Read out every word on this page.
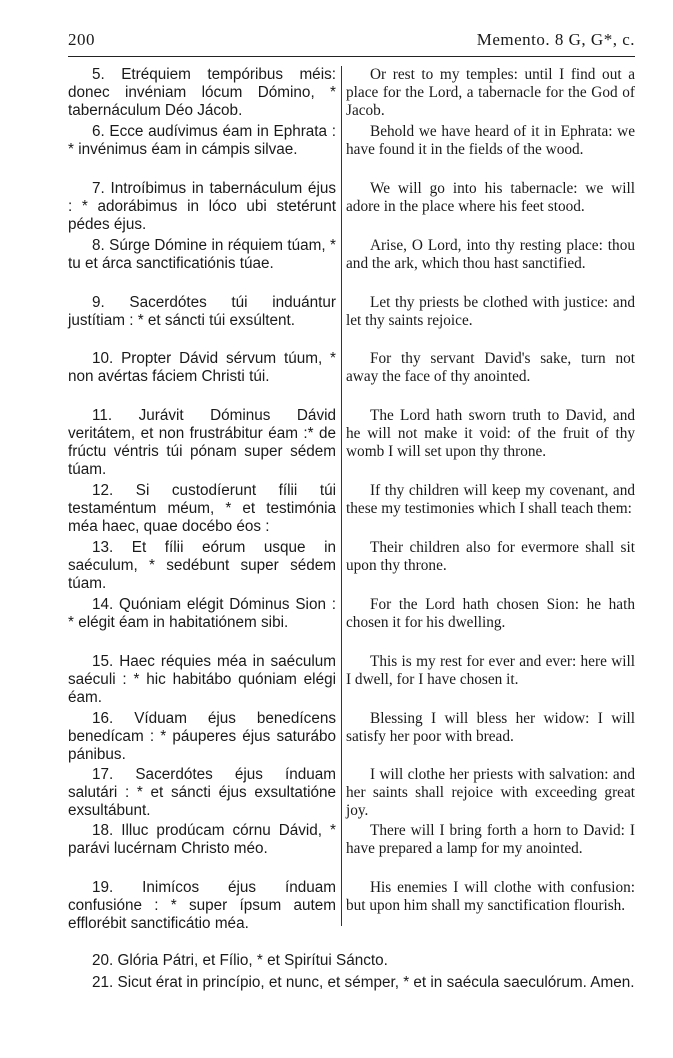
200	Memento. 8 G, G*, c.

5. Etréquiem tempóribus méis: donec invéniam lócum Dómino, * tabernáculum Déo Jácob.

6. Ecce audívimus éam in Ephrata : * invénimus éam in cámpis silvae.

7. Introíbimus in tabernáculum éjus : * adorábimus in lóco ubi stetérunt pédes éjus.

8. Súrge Dómine in réquiem túam, * tu et árca sanctificatiónis túae.

9. Sacerdótes túi induántur justítiam : * et sáncti túi exsúltent.

10. Propter Dávid sérvum túum, * non avértas fáciem Christi túi.

11. Jurávit Dóminus Dávid veritátem, et non frustrábitur éam :* de frúctu véntris túi pónam super sédem túam.

12. Si custodíerunt fílii túi testaméntum méum, * et testimónia méa haec, quae docébo éos :

13. Et fílii eórum usque in saéculum, * sedébunt super sédem túam.

14. Quóniam elégit Dóminus Sion : * elégit éam in habitatiónem sibi.

15. Haec réquies méa in saéculum saéculi : * hic habitábo quóniam elégi éam.

16. Víduam éjus benedícens benedícam : * páuperes éjus saturábo pánibus.

17. Sacerdótes éjus índuam salutári : * et sáncti éjus exsultatióne exsultábunt.

18. Illuc prodúcam córnu Dávid, * parávi lucérnam Christo méo.

19. Inimícos éjus índuam confusióne : * super ípsum autem efflorébit sanctificátio méa.

Or rest to my temples: until I find out a place for the Lord, a tabernacle for the God of Jacob.

Behold we have heard of it in Ephrata: we have found it in the fields of the wood.

We will go into his tabernacle: we will adore in the place where his feet stood.

Arise, O Lord, into thy resting place: thou and the ark, which thou hast sanctified.

Let thy priests be clothed with justice: and let thy saints rejoice.

For thy servant David's sake, turn not away the face of thy anointed.

The Lord hath sworn truth to David, and he will not make it void: of the fruit of thy womb I will set upon thy throne.

If thy children will keep my covenant, and these my testimonies which I shall teach them:

Their children also for evermore shall sit upon thy throne.

For the Lord hath chosen Sion: he hath chosen it for his dwelling.

This is my rest for ever and ever: here will I dwell, for I have chosen it.

Blessing I will bless her widow: I will satisfy her poor with bread.

I will clothe her priests with salvation: and her saints shall rejoice with exceeding great joy.

There will I bring forth a horn to David: I have prepared a lamp for my anointed.

His enemies I will clothe with confusion: but upon him shall my sanctification flourish.

20. Glória Pátri, et Fílio, * et Spirítui Sáncto.

21. Sicut érat in princípio, et nunc, et sémper, * et in saécula saeculórum. Amen.
